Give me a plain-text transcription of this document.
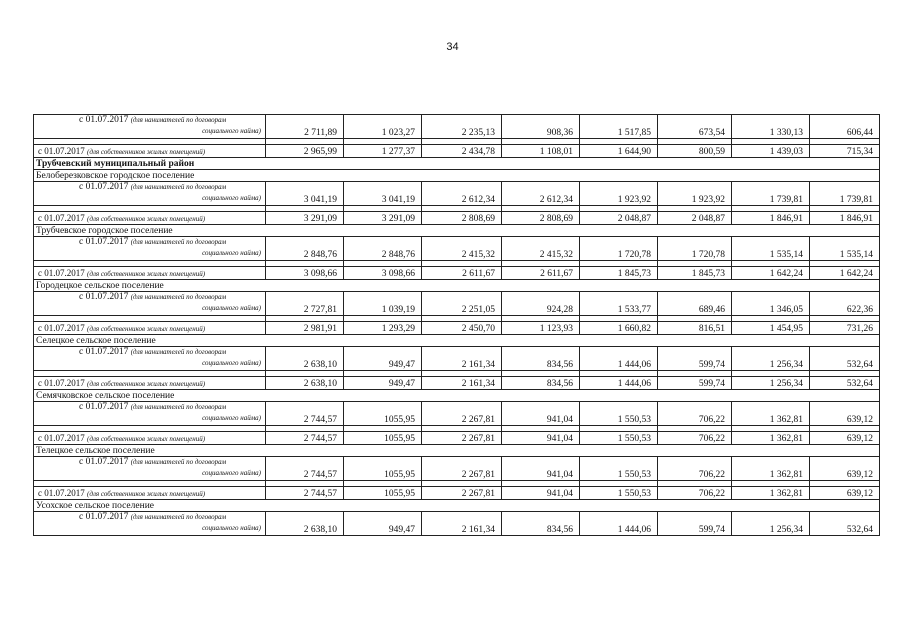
34
с 01.07.2017 (для нанимателей по договорам
социального найма)	2 711,89	1 023,27	2 235,13	908,36	1 517,85	673,54	1 330,13	606,44

с 01.07.2017 (для собственников жилых помещений)	2 965,99	1 277,37	2 434,78	1 108,01	1 644,90	800,59	1 439,03	715,34
Трубчевский муниципальный район								
Белоберезковское городское поселение								

с 01.07.2017 (для нанимателей по договорам
социального найма)	3 041,19	3 041,19	2 612,34	2 612,34	1 923,92	1 923,92	1 739,81	1 739,81

с 01.07.2017 (для собственников жилых помещений)	3 291,09	3 291,09	2 808,69	2 808,69	2 048,87	2 048,87	1 846,91	1 846,91
Трубчевское городское поселение								

с 01.07.2017 (для нанимателей по договорам
социального найма)	2 848,76	2 848,76	2 415,32	2 415,32	1 720,78	1 720,78	1 535,14	1 535,14

с 01.07.2017 (для собственников жилых помещений)	3 098,66	3 098,66	2 611,67	2 611,67	1 845,73	1 845,73	1 642,24	1 642,24
Городецкое сельское поселение								

с 01.07.2017 (для нанимателей по договорам
социального найма)	2 727,81	1 039,19	2 251,05	924,28	1 533,77	689,46	1 346,05	622,36

с 01.07.2017 (для собственников жилых помещений)	2 981,91	1 293,29	2 450,70	1 123,93	1 660,82	816,51	1 454,95	731,26
Селецкое сельское поселение								

с 01.07.2017 (для нанимателей по договорам
социального найма)	2 638,10	949,47	2 161,34	834,56	1 444,06	599,74	1 256,34	532,64

с 01.07.2017 (для собственников жилых помещений)	2 638,10	949,47	2 161,34	834,56	1 444,06	599,74	1 256,34	532,64
Семячковское сельское поселение								

с 01.07.2017 (для нанимателей по договорам
социального найма)	2 744,57	1055,95	2 267,81	941,04	1 550,53	706,22	1 362,81	639,12

с 01.07.2017 (для собственников жилых помещений)	2 744,57	1055,95	2 267,81	941,04	1 550,53	706,22	1 362,81	639,12
Телецкое сельское поселение								

с 01.07.2017 (для нанимателей по договорам
социального найма)	2 744,57	1055,95	2 267,81	941,04	1 550,53	706,22	1 362,81	639,12

с 01.07.2017 (для собственников жилых помещений)	2 744,57	1055,95	2 267,81	941,04	1 550,53	706,22	1 362,81	639,12
Усохское сельское поселение								

с 01.07.2017 (для нанимателей по договорам
социального найма)	2 638,10	949,47	2 161,34	834,56	1 444,06	599,74	1 256,34	532,64
